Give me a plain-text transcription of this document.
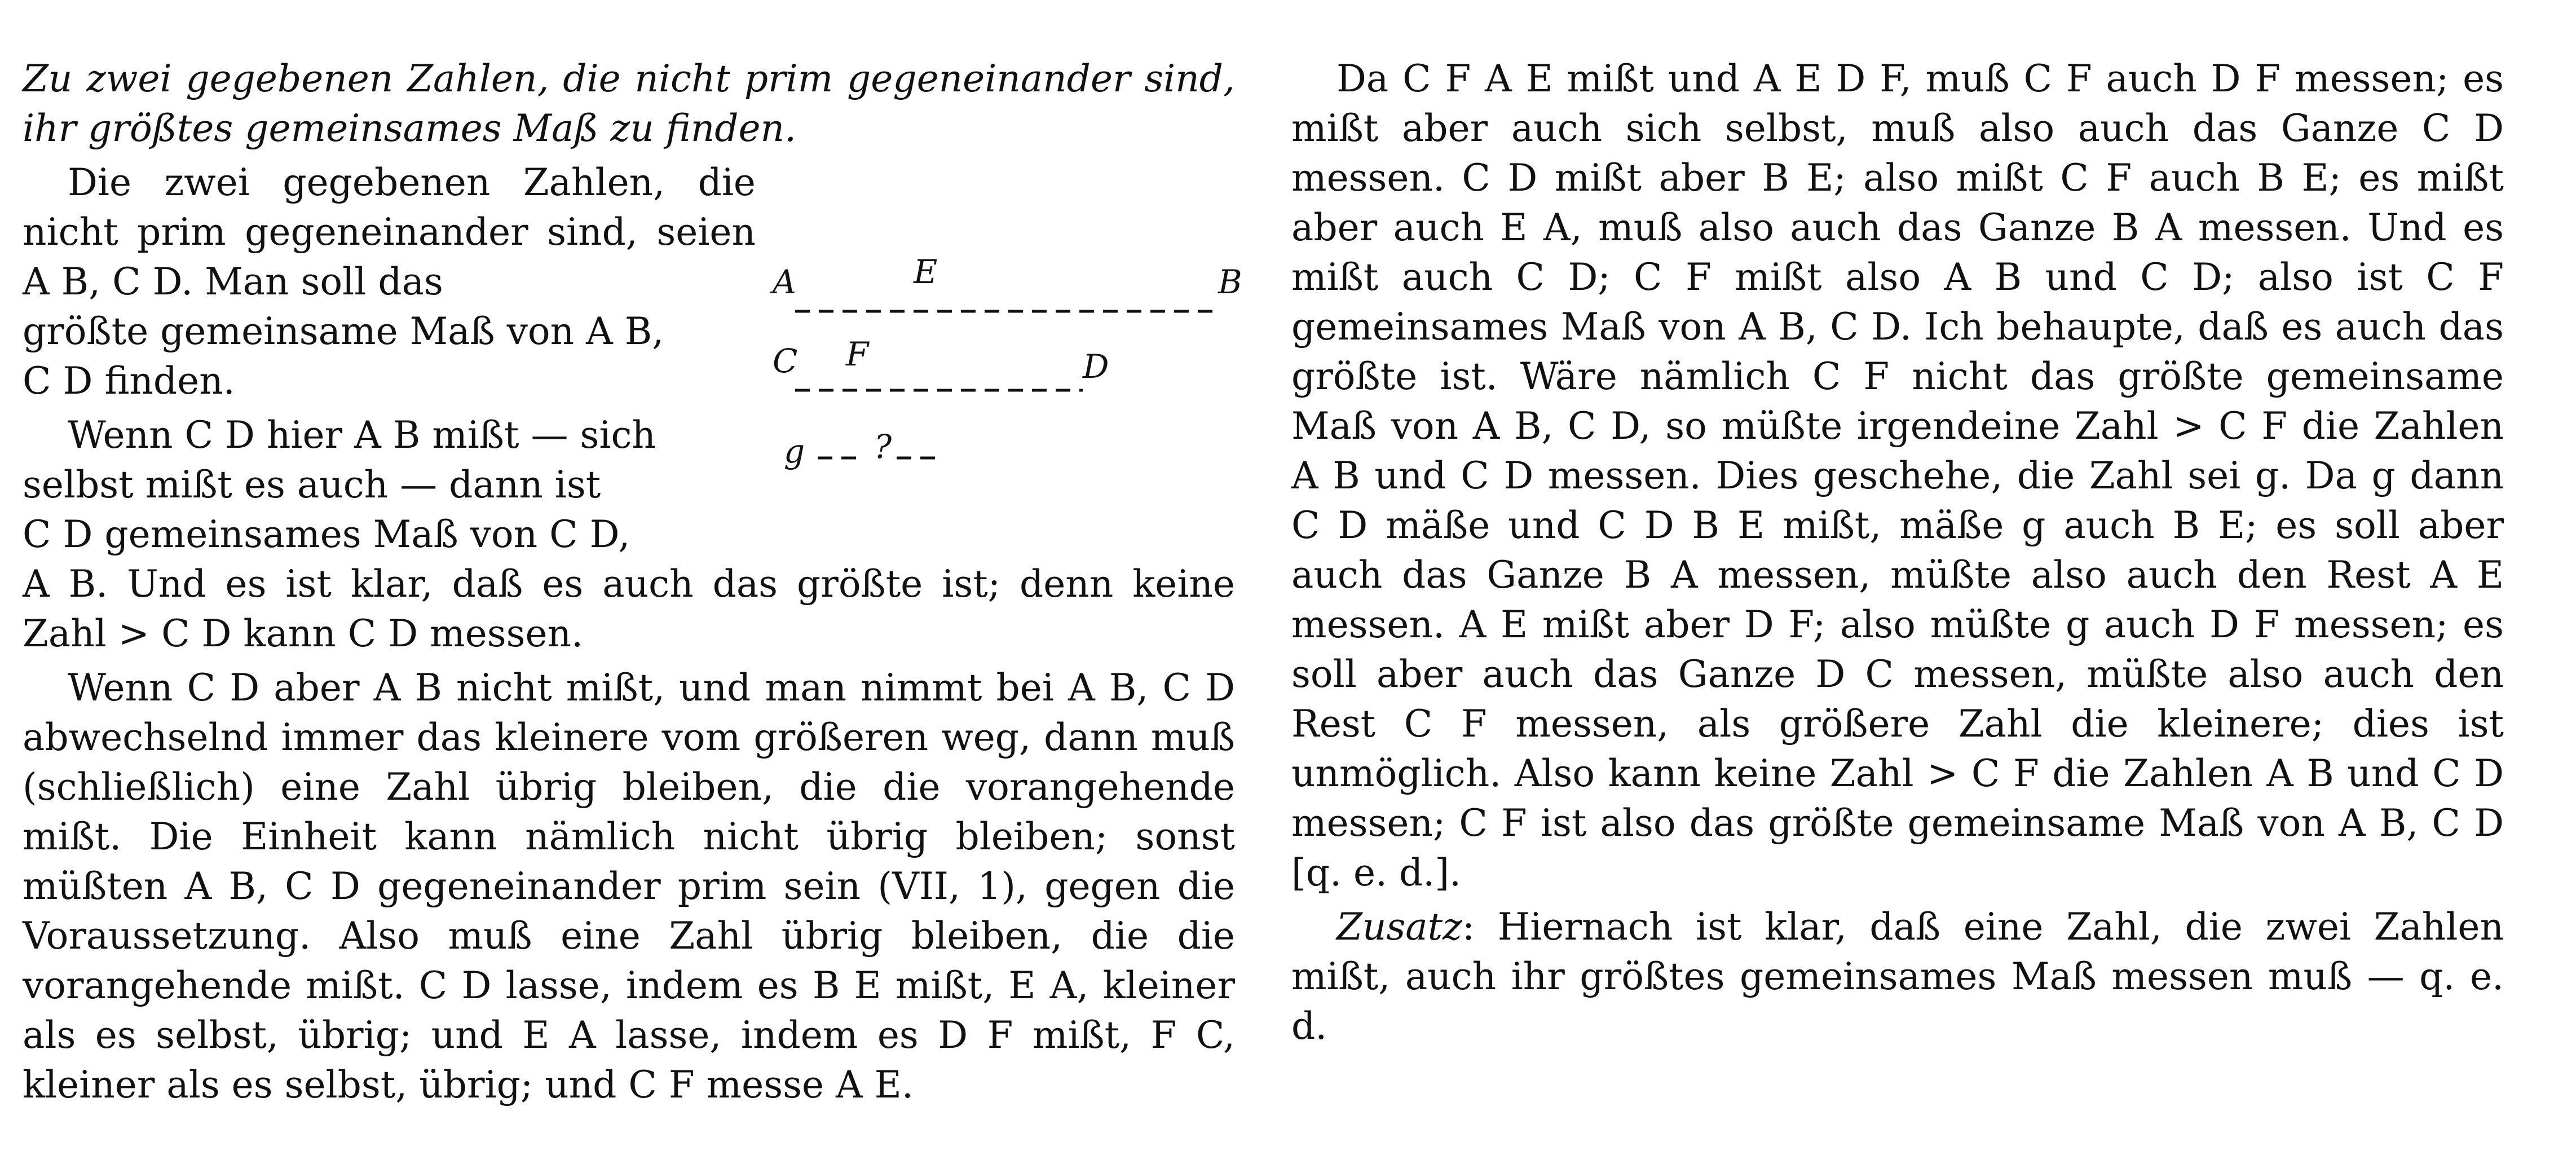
Zu zwei gegebenen Zahlen, die nicht prim gegeneinander sind, ihr größtes gemeinsames Maß zu finden.

Die zwei gegebenen Zahlen, die nicht prim gegeneinander sind, seien A B, C D. Man soll das

größte gemeinsame Maß von A B,

C D finden.

Wenn C D hier A B mißt — sich

selbst mißt es auch — dann ist

C D gemeinsames Maß von C D,

A B. Und es ist klar, daß es auch das größte ist; denn keine Zahl > C D kann C D messen.

Wenn C D aber A B nicht mißt, und man nimmt bei A B, C D abwechselnd immer das kleinere vom größeren weg, dann muß (schließlich) eine Zahl übrig bleiben, die die vorangehende mißt. Die Einheit kann nämlich nicht übrig bleiben; sonst müßten A B, C D gegeneinander prim sein (VII, 1), gegen die Voraussetzung. Also muß eine Zahl übrig bleiben, die die vorangehende mißt. C D lasse, indem es B E mißt, E A, kleiner als es selbst, übrig; und E A lasse, indem es D F mißt, F C, kleiner als es selbst, übrig; und C F messe A E.

A	E	B
C F	D
g ?

Da C F A E mißt und A E D F, muß C F auch D F messen; es mißt aber auch sich selbst, muß also auch das Ganze C D messen. C D mißt aber B E; also mißt C F auch B E; es mißt aber auch E A, muß also auch das Ganze B A messen. Und es mißt auch C D; C F mißt also A B und C D; also ist C F gemeinsames Maß von A B, C D. Ich behaupte, daß es auch das größte ist. Wäre nämlich C F nicht das größte gemeinsame Maß von A B, C D, so müßte irgendeine Zahl > C F die Zahlen A B und C D messen. Dies geschehe, die Zahl sei g. Da g dann C D mäße und C D B E mißt, mäße g auch B E; es soll aber auch das Ganze B A messen, müßte also auch den Rest A E messen. A E mißt aber D F; also müßte g auch D F messen; es soll aber auch das Ganze D C messen, müßte also auch den Rest C F messen, als größere Zahl die kleinere; dies ist unmöglich. Also kann keine Zahl > C F die Zahlen A B und C D messen; C F ist also das größte gemeinsame Maß von A B, C D [q. e. d.].

Zusatz: Hiernach ist klar, daß eine Zahl, die zwei Zahlen mißt, auch ihr größtes gemeinsames Maß messen muß — q. e. d.
